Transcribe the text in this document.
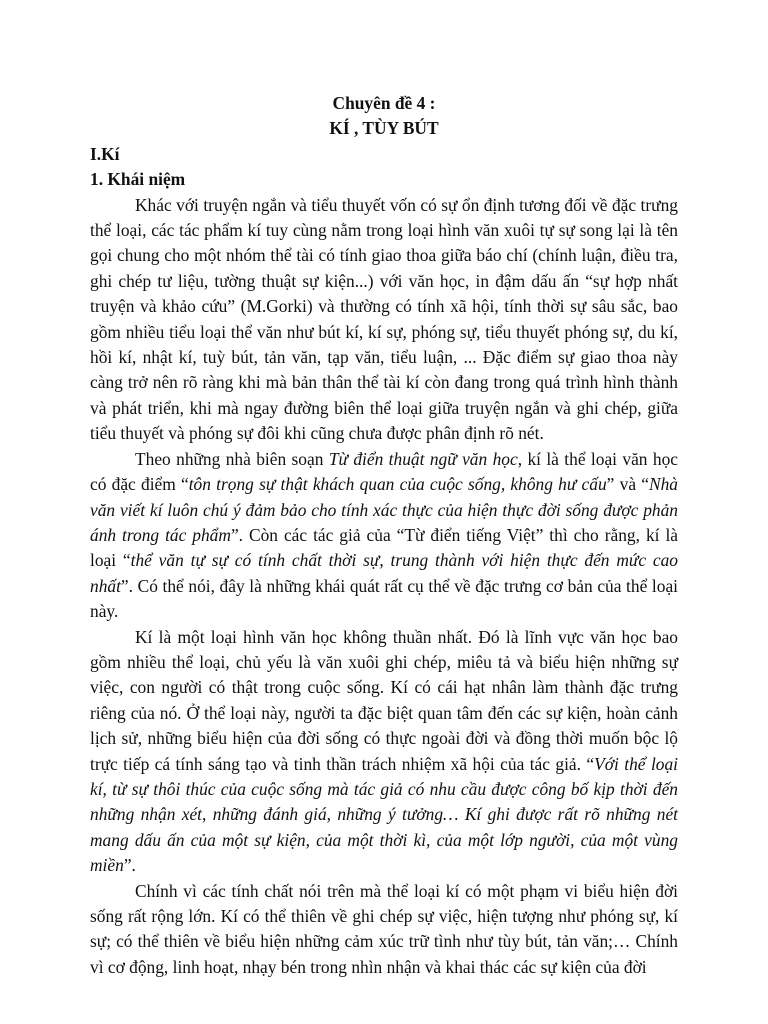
Chuyên đề 4 :
KÍ , TÙY BÚT
I.Kí
1. Khái niệm

Khác với truyện ngắn và tiểu thuyết vốn có sự ổn định tương đối về đặc trưng thể loại, các tác phẩm kí tuy cùng nằm trong loại hình văn xuôi tự sự song lại là tên gọi chung cho một nhóm thể tài có tính giao thoa giữa báo chí (chính luận, điều tra, ghi chép tư liệu, tường thuật sự kiện...) với văn học, in đậm dấu ấn “sự hợp nhất truyện và khảo cứu” (M.Gorki) và thường có tính xã hội, tính thời sự sâu sắc, bao gồm nhiều tiểu loại thể văn như bút kí, kí sự, phóng sự, tiểu thuyết phóng sự, du kí, hồi kí, nhật kí, tuỳ bút, tản văn, tạp văn, tiểu luận, ... Đặc điểm sự giao thoa này càng trở nên rõ ràng khi mà bản thân thể tài kí còn đang trong quá trình hình thành và phát triển, khi mà ngay đường biên thể loại giữa truyện ngắn và ghi chép, giữa tiểu thuyết và phóng sự đôi khi cũng chưa được phân định rõ nét.

Theo những nhà biên soạn Từ điển thuật ngữ văn học, kí là thể loại văn học có đặc điểm “tôn trọng sự thật khách quan của cuộc sống, không hư cấu” và “Nhà văn viết kí luôn chú ý đảm bảo cho tính xác thực của hiện thực đời sống được phản ánh trong tác phẩm”. Còn các tác giả của “Từ điển tiếng Việt” thì cho rằng, kí là loại “thể văn tự sự có tính chất thời sự, trung thành với hiện thực đến mức cao nhất”. Có thể nói, đây là những khái quát rất cụ thể về đặc trưng cơ bản của thể loại này.

Kí là một loại hình văn học không thuần nhất. Đó là lĩnh vực văn học bao gồm nhiều thể loại, chủ yếu là văn xuôi ghi chép, miêu tả và biểu hiện những sự việc, con người có thật trong cuộc sống. Kí có cái hạt nhân làm thành đặc trưng riêng của nó. Ở thể loại này, người ta đặc biệt quan tâm đến các sự kiện, hoàn cảnh lịch sử, những biểu hiện của đời sống có thực ngoài đời và đồng thời muốn bộc lộ trực tiếp cá tính sáng tạo và tinh thần trách nhiệm xã hội của tác giả. “Với thể loại kí, từ sự thôi thúc của cuộc sống mà tác giả có nhu cầu được công bố kịp thời đến những nhận xét, những đánh giá, những ý tưởng… Kí ghi được rất rõ những nét mang dấu ấn của một sự kiện, của một thời kì, của một lớp người, của một vùng miền”.

Chính vì các tính chất nói trên mà thể loại kí có một phạm vi biểu hiện đời sống rất rộng lớn. Kí có thể thiên về ghi chép sự việc, hiện tượng như phóng sự, kí sự; có thể thiên về biểu hiện những cảm xúc trữ tình như tùy bút, tản văn;… Chính vì cơ động, linh hoạt, nhạy bén trong nhìn nhận và khai thác các sự kiện của đời
